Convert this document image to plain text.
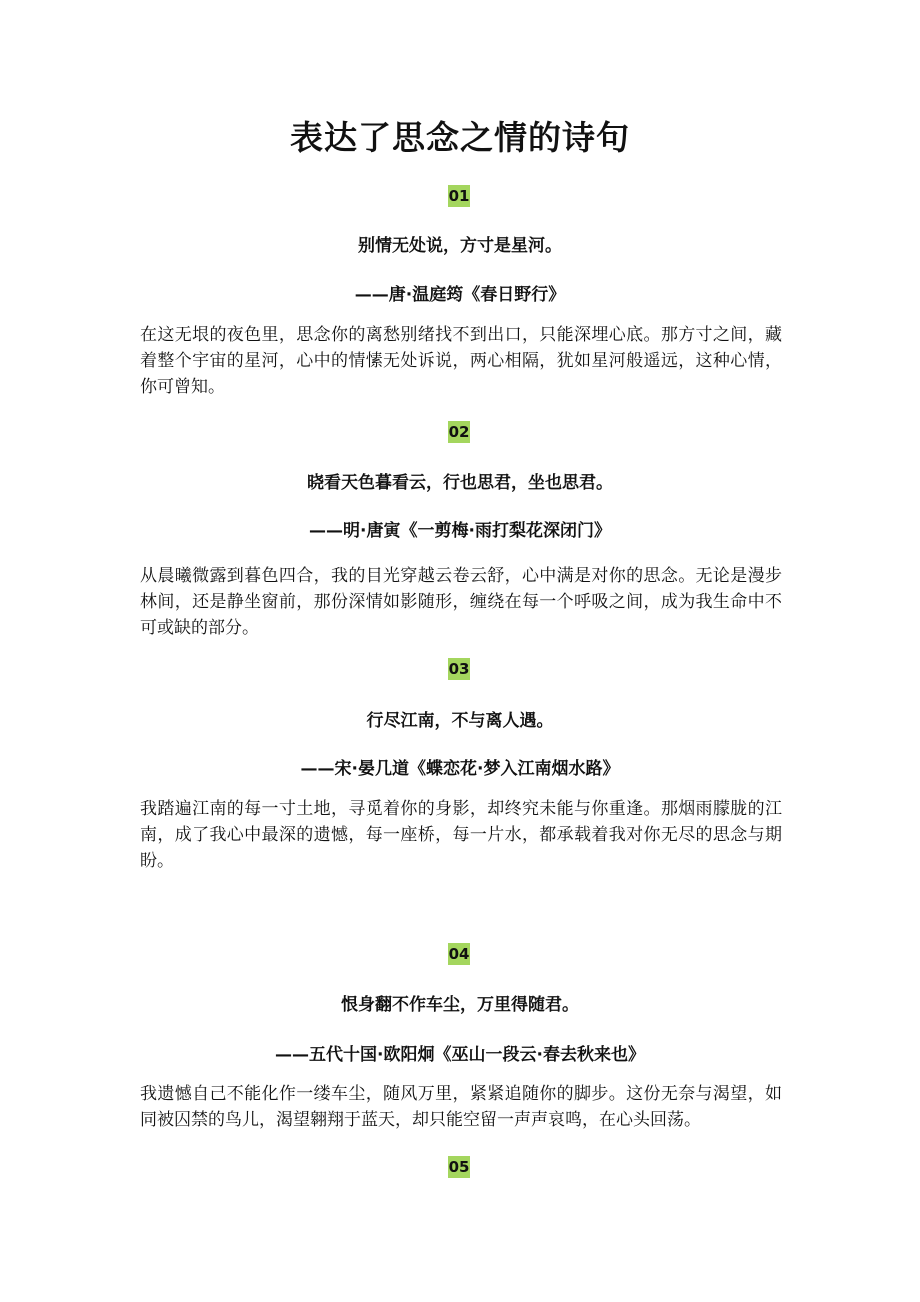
表达了思念之情的诗句
01
别情无处说，方寸是星河。
——唐·温庭筠《春日野行》
在这无垠的夜色里，思念你的离愁别绪找不到出口，只能深埋心底。那方寸之间，藏着整个宇宙的星河，心中的情愫无处诉说，两心相隔，犹如星河般遥远，这种心情，你可曾知。
02
晓看天色暮看云，行也思君，坐也思君。
——明·唐寅《一剪梅·雨打梨花深闭门》
从晨曦微露到暮色四合，我的目光穿越云卷云舒，心中满是对你的思念。无论是漫步林间，还是静坐窗前，那份深情如影随形，缠绕在每一个呼吸之间，成为我生命中不可或缺的部分。
03
行尽江南，不与离人遇。
——宋·晏几道《蝶恋花·梦入江南烟水路》
我踏遍江南的每一寸土地，寻觅着你的身影，却终究未能与你重逢。那烟雨朦胧的江南，成了我心中最深的遗憾，每一座桥，每一片水，都承载着我对你无尽的思念与期盼。
04
恨身翻不作车尘，万里得随君。
——五代十国·欧阳炯《巫山一段云·春去秋来也》
我遗憾自己不能化作一缕车尘，随风万里，紧紧追随你的脚步。这份无奈与渴望，如同被囚禁的鸟儿，渴望翱翔于蓝天，却只能空留一声声哀鸣，在心头回荡。
05
